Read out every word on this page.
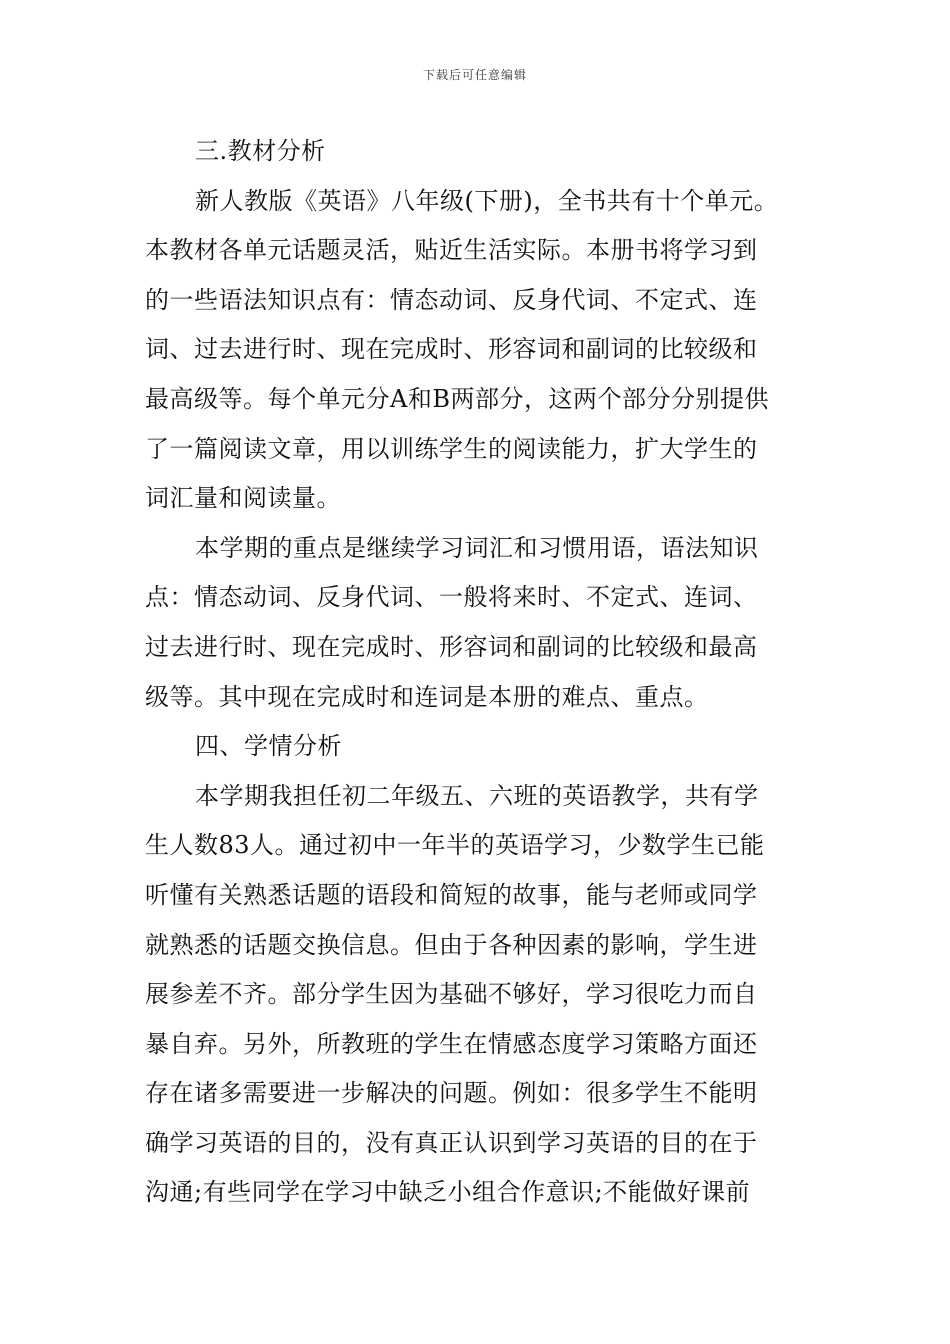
下载后可任意编辑
三.教材分析
新人教版《英语》八年级(下册)，全书共有十个单元。
本教材各单元话题灵活，贴近生活实际。本册书将学习到
的一些语法知识点有：情态动词、反身代词、不定式、连
词、过去进行时、现在完成时、形容词和副词的比较级和
最高级等。每个单元分A和B两部分，这两个部分分别提供
了一篇阅读文章，用以训练学生的阅读能力，扩大学生的
词汇量和阅读量。
本学期的重点是继续学习词汇和习惯用语，语法知识
点：情态动词、反身代词、一般将来时、不定式、连词、
过去进行时、现在完成时、形容词和副词的比较级和最高
级等。其中现在完成时和连词是本册的难点、重点。
四、学情分析
本学期我担任初二年级五、六班的英语教学，共有学
生人数83人。通过初中一年半的英语学习，少数学生已能
听懂有关熟悉话题的语段和简短的故事，能与老师或同学
就熟悉的话题交换信息。但由于各种因素的影响，学生进
展参差不齐。部分学生因为基础不够好，学习很吃力而自
暴自弃。另外，所教班的学生在情感态度学习策略方面还
存在诸多需要进一步解决的问题。例如：很多学生不能明
确学习英语的目的，没有真正认识到学习英语的目的在于
沟通;有些同学在学习中缺乏小组合作意识;不能做好课前
